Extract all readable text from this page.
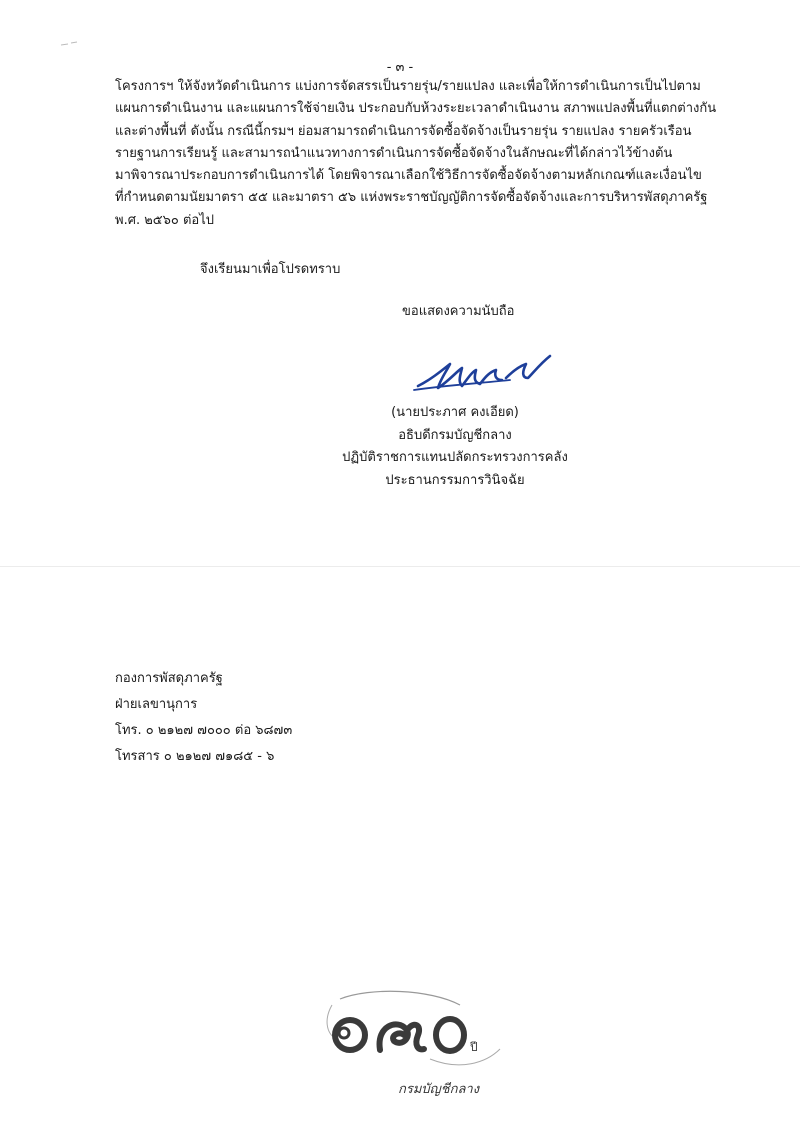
- ๓ -

โครงการฯ ให้จังหวัดดำเนินการ แบ่งการจัดสรรเป็นรายรุ่น/รายแปลง และเพื่อให้การดำเนินการเป็นไปตาม
แผนการดำเนินงาน และแผนการใช้จ่ายเงิน ประกอบกับห้วงระยะเวลาดำเนินงาน สภาพแปลงพื้นที่แตกต่างกัน
และต่างพื้นที่ ดังนั้น กรณีนี้กรมฯ ย่อมสามารถดำเนินการจัดซื้อจัดจ้างเป็นรายรุ่น รายแปลง รายครัวเรือน
รายฐานการเรียนรู้ และสามารถนำแนวทางการดำเนินการจัดซื้อจัดจ้างในลักษณะที่ได้กล่าวไว้ข้างต้น
มาพิจารณาประกอบการดำเนินการได้ โดยพิจารณาเลือกใช้วิธีการจัดซื้อจัดจ้างตามหลักเกณฑ์และเงื่อนไข
ที่กำหนดตามนัยมาตรา ๕๕ และมาตรา ๕๖ แห่งพระราชบัญญัติการจัดซื้อจัดจ้างและการบริหารพัสดุภาครัฐ
พ.ศ. ๒๕๖๐ ต่อไป

จึงเรียนมาเพื่อโปรดทราบ
ขอแสดงความนับถือ
(นายประภาศ คงเอียด)
อธิบดีกรมบัญชีกลาง
ปฏิบัติราชการแทนปลัดกระทรวงการคลัง
ประธานกรรมการวินิจฉัย
กองการพัสดุภาครัฐ
ฝ่ายเลขานุการ
โทร. ๐ ๒๑๒๗ ๗๐๐๐ ต่อ ๖๘๗๓
โทรสาร ๐ ๒๑๒๗ ๗๑๘๕ - ๖
ปี
๑๗๐
กรมบัญชีกลาง
